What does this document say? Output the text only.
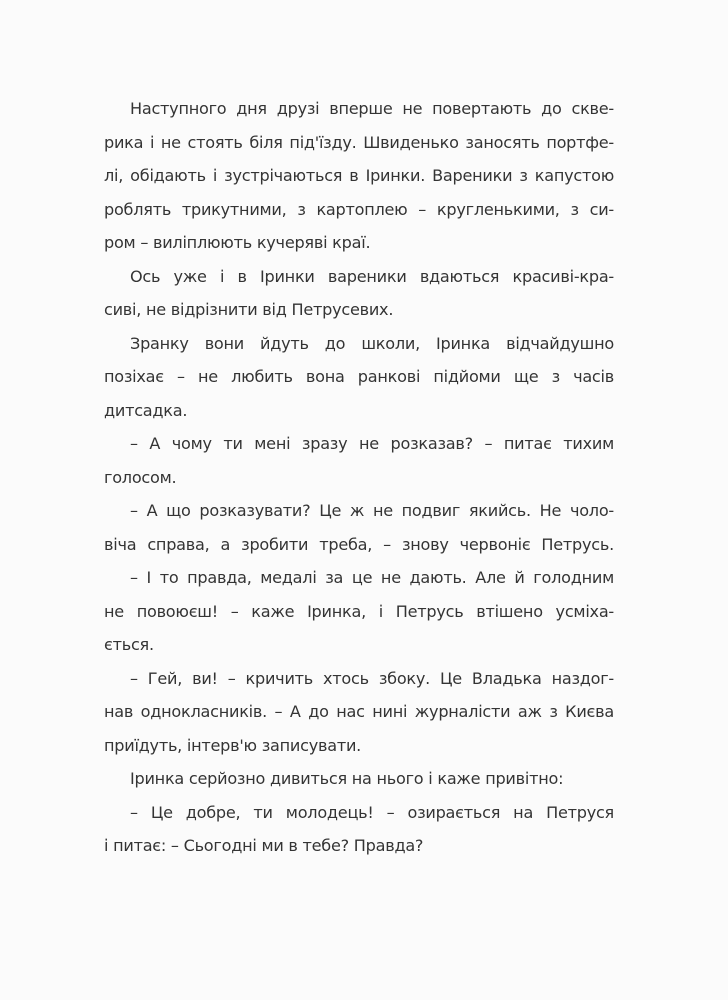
Наступного дня друзі вперше не повертають до скве-
рика і не стоять біля під'їзду. Швиденько заносять портфе-
лі, обідають і зустрічаються в Іринки. Вареники з капустою
роблять трикутними, з картоплею – кругленькими, з си-
ром – виліплюють кучеряві краї.
Ось уже і в Іринки вареники вдаються красиві-кра-
сиві, не відрізнити від Петрусевих.
Зранку вони йдуть до школи, Іринка відчайдушно
позіхає – не любить вона ранкові підйоми ще з часів
дитсадка.
– А чому ти мені зразу не розказав? – питає тихим
голосом.
– А що розказувати? Це ж не подвиг якийсь. Не чоло-
віча справа, а зробити треба, – знову червоніє Петрусь.
– І то правда, медалі за це не дають. Але й голодним
не повоюєш! – каже Іринка, і Петрусь втішено усміха-
ється.
– Гей, ви! – кричить хтось збоку. Це Владька наздог-
нав однокласників. – А до нас нині журналісти аж з Києва
приїдуть, інтерв'ю записувати.
Іринка серйозно дивиться на нього і каже привітно:
– Це добре, ти молодець! – озирається на Петруся
і питає: – Сьогодні ми в тебе? Правда?
